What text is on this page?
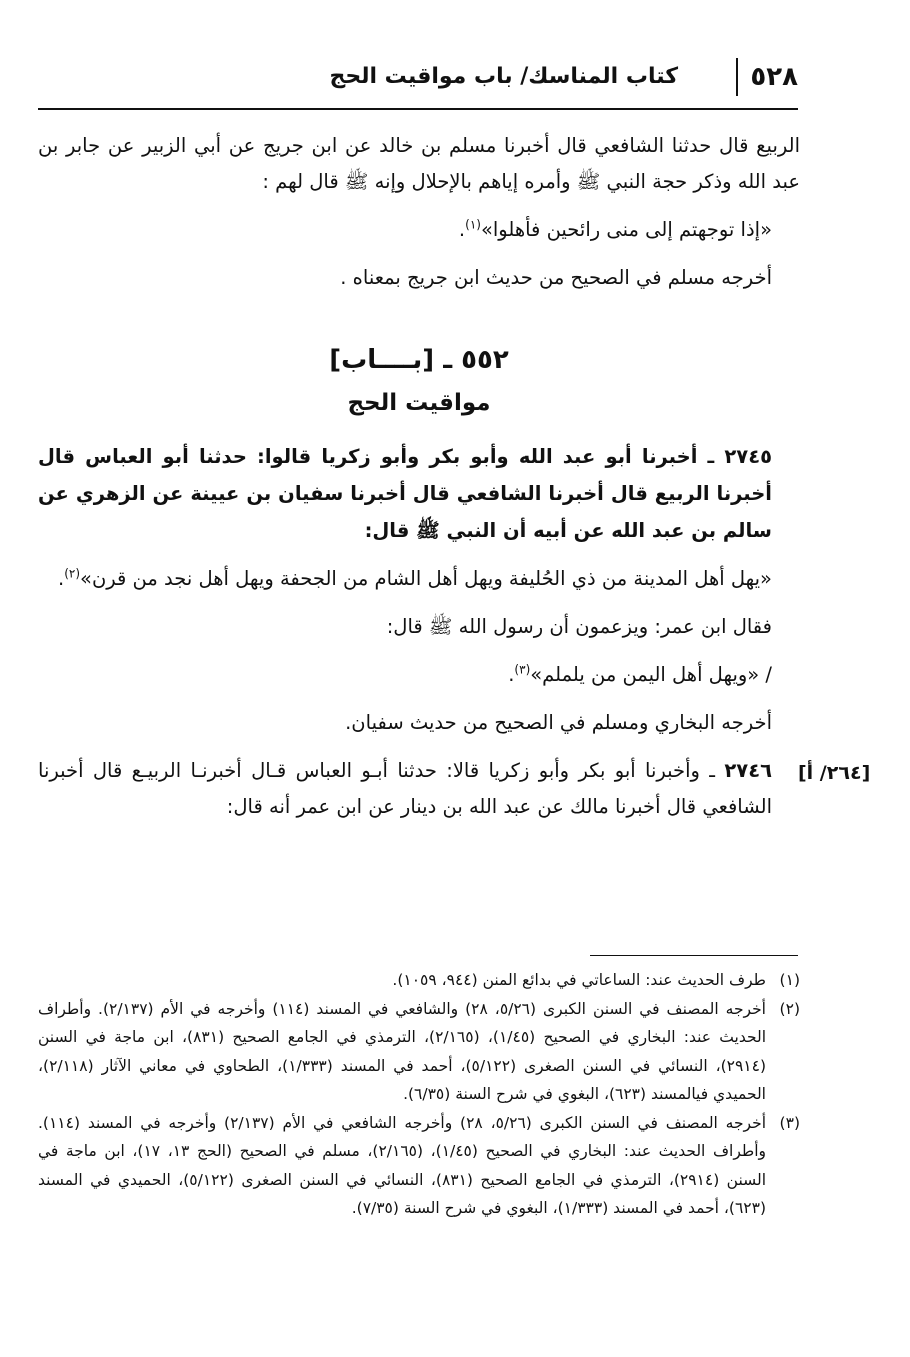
٥٢٨
كتاب المناسك/ باب مواقيت الحج

الربيع قال حدثنا الشافعي قال أخبرنا مسلم بن خالد عن ابن جريج عن أبي الزبير عن جابر بن عبد الله وذكر حجة النبي ﷺ وأمره إياهم بالإحلال وإنه ﷺ قال لهم :

«إذا توجهتم إلى منى رائحين فأهلوا»$^{(١)}$.

أخرجه مسلم في الصحيح من حديث ابن جريج بمعناه .

٥٥٢ ـ [بــــاب]

مواقيت الحج

٢٧٤٥ ـ أخبرنا أبو عبد الله وأبو بكر وأبو زكريا قالوا: حدثنا أبو العباس قال أخبرنا الربيع قال أخبرنا الشافعي قال أخبرنا سفيان بن عيينة عن الزهري عن سالم بن عبد الله عن أبيه أن النبي ﷺ قال:

«يهل أهل المدينة من ذي الحُليفة ويهل أهل الشام من الجحفة ويهل أهل نجد من قرن»$^{(٢)}$.

فقال ابن عمر: ويزعمون أن رسول الله ﷺ قال:

/ «ويهل أهل اليمن من يلملم»$^{(٣)}$.

أخرجه البخاري ومسلم في الصحيح من حديث سفيان.

٢٧٤٦ ـ وأخبرنا أبو بكر وأبو زكريا قالا: حدثنا أبـو العباس قـال أخبرنـا الربيـع قال أخبرنا الشافعي قال أخبرنا مالك عن عبد الله بن دينار عن ابن عمر أنه قال:

[٢٦٤/ أ]
(١)
طرف الحديث عند: الساعاتي في بدائع المنن (٩٤٤، ١٠٥٩).
(٢)
أخرجه المصنف في السنن الكبرى (٥/٢٦، ٢٨) والشافعي في المسند (١١٤) وأخرجه في الأم (٢/١٣٧). وأطراف الحديث عند: البخاري في الصحيح (١/٤٥)، (٢/١٦٥)، الترمذي في الجامع الصحيح (٨٣١)، ابن ماجة في السنن (٢٩١٤)، النسائي في السنن الصغرى (٥/١٢٢)، أحمد في المسند (١/٣٣٣)، الطحاوي في معاني الآثار (٢/١١٨)، الحميدي فيالمسند (٦٢٣)، البغوي في شرح السنة (٦/٣٥).
(٣)
أخرجه المصنف في السنن الكبرى (٥/٢٦، ٢٨) وأخرجه الشافعي في الأم (٢/١٣٧) وأخرجه في المسند (١١٤). وأطراف الحديث عند: البخاري في الصحيح (١/٤٥)، (٢/١٦٥)، مسلم في الصحيح (الحج ١٣، ١٧)، ابن ماجة في السنن (٢٩١٤)، الترمذي في الجامع الصحيح (٨٣١)، النسائي في السنن الصغرى (٥/١٢٢)، الحميدي في المسند (٦٢٣)، أحمد في المسند (١/٣٣٣)، البغوي في شرح السنة (٧/٣٥).
